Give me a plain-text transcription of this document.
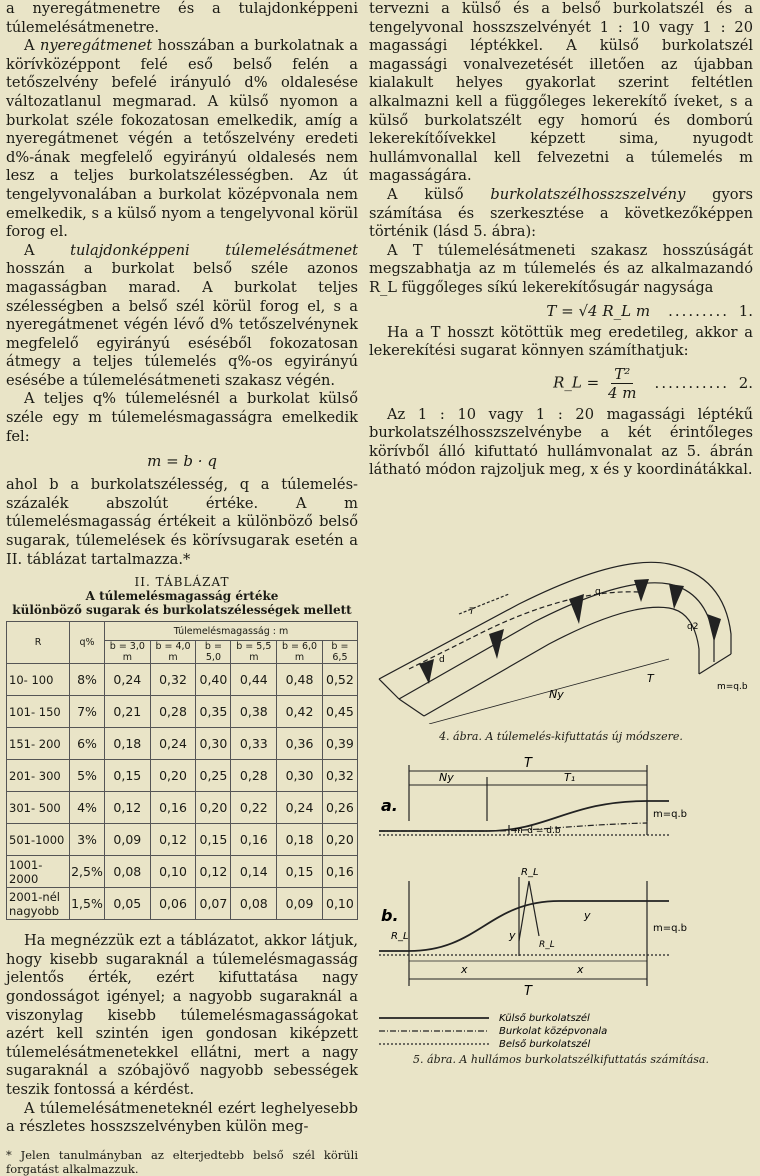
a nyeregátmenetre és a tulajdonképpeni túlemelésátmenetre.

A nyeregátmenet hosszában a burkolatnak a körívközéppont felé eső belső felén a tetőszelvény befelé irányuló d% oldalesése változatlanul megmarad. A külső nyomon a burkolat széle fokozatosan emelkedik, amíg a nyeregátmenet végén a tetőszelvény eredeti d%-ának megfelelő egyirányú oldalesés nem lesz a teljes burkolatszélességben. Az út tengelyvonalában a burkolat középvonala nem emelkedik, s a külső nyom a tengelyvonal körül forog el.

A tulajdonképpeni túlemelésátmenet hosszán a burkolat belső széle azonos magasságban marad. A burkolat teljes szélességben a belső szél körül forog el, s a nyeregátmenet végén lévő d% tetőszelvénynek megfelelő egyirányú eséséből fokozatosan átmegy a teljes túlemelés q%-os egyirányú esésébe a túlemelésátmeneti szakasz végén.

A teljes q% túlemelésnél a burkolat külső széle egy m túlemelésmagasságra emelkedik fel:

m = b · q

ahol b a burkolatszélesség, q a túlemelés-százalék abszolút értéke. A m túlemelésmagasság értékeit a különböző belső sugarak, túlemelések és körívsugarak esetén a II. táblázat tartalmazza.*

II. TÁBLÁZAT
A túlemelésmagasság értéke
különböző sugarak és burkolatszélességek mellett
R	q%	Túlemelésmagasság : m					
		b = 3,0 m	b = 4,0 m	b = 5,0	b = 5,5 m	b = 6,0 m	b = 6,5
10- 100	8%	0,24	0,32	0,40	0,44	0,48	0,52
101- 150	7%	0,21	0,28	0,35	0,38	0,42	0,45
151- 200	6%	0,18	0,24	0,30	0,33	0,36	0,39
201- 300	5%	0,15	0,20	0,25	0,28	0,30	0,32
301- 500	4%	0,12	0,16	0,20	0,22	0,24	0,26
501-1000	3%	0,09	0,12	0,15	0,16	0,18	0,20
1001-2000	2,5%	0,08	0,10	0,12	0,14	0,15	0,16
2001-nél nagyobb	1,5%	0,05	0,06	0,07	0,08	0,09	0,10

Ha megnézzük ezt a táblázatot, akkor látjuk, hogy kisebb sugaraknál a túlemelésmagasság jelentős érték, ezért kifuttatása nagy gondosságot igényel; a nagyobb sugaraknál a viszonylag kisebb túlemelésmagasságokat azért kell szintén igen gondosan kiképzett túlemelésátmenetekkel ellátni, mert a nagy sugaraknál a szóbajövő nagyobb sebességek teszik fontossá a kérdést.

A túlemelésátmeneteknél ezért leghelyesebb a részletes hosszszelvényben külön meg-

* Jelen tanulmányban az elterjedtebb belső szél körüli forgatást alkalmazzuk.

tervezni a külső és a belső burkolatszél és a tengelyvonal hosszszelvényét 1 : 10 vagy 1 : 20 magassági léptékkel. A külső burkolatszél magassági vonalvezetését illetően az újabban kialakult helyes gyakorlat szerint feltétlen alkalmazni kell a függőleges lekerekítő íveket, s a külső burkolatszélt egy homorú és domború lekerekítőívekkel képzett sima, nyugodt hullámvonallal kell felvezetni a túlemelés m magasságára.

A külső burkolatszélhosszszelvény gyors számítása és szerkesztése a következőképpen történik (lásd 5. ábra):

A T túlemelésátmeneti szakasz hosszúságát megszabhatja az m túlemelés és az alkalmazandó R_L függőleges síkú lekerekítősugár nagysága

T = √4 R_L m ......... 1.

Ha a T hosszt kötöttük meg eredetileg, akkor a lekerekítési sugarat könnyen számíthatjuk:

R_L = $\frac{\text{T²}}{4 m}$ ........... 2.

Az 1 : 10 vagy 1 : 20 magassági léptékű burkolatszélhosszszelvénybe a két érintőleges körívből álló kifuttató hullámvonalat az 5. ábrán látható módon rajzoljuk meg, x és y koordinátákkal.

Ny
T
m=q.b
d
q
q2
T
4. ábra. A túlemelés-kifuttatás új módszere.
a.
T
Ny	T₁
m=q.b
m_d = d.b
b.
R_L
R_L
R_L
y
y
x	x
T
m=q.b
Külső burkolatszél
Burkolat középvonala
Belső burkolatszél
5. ábra. A hullámos burkolatszélkifuttatás számítása.
